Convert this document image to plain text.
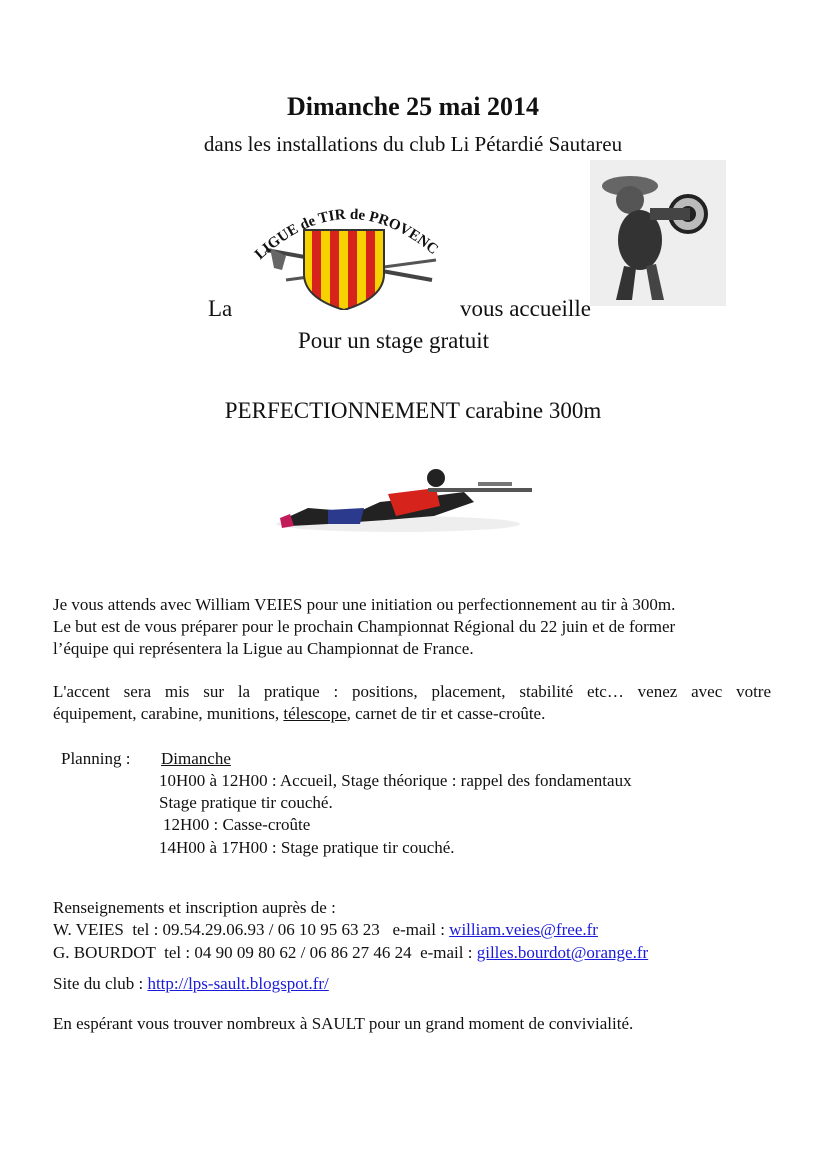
Dimanche 25 mai 2014
dans les installations du club Li Pétardié Sautareu
LIGUE de TIR de PROVENC
La	vous accueille
Pour un stage gratuit
PERFECTIONNEMENT carabine 300m
Je vous attends avec William VEIES pour une initiation ou perfectionnement au tir à 300m.
Le but est de vous préparer pour le prochain Championnat Régional du 22 juin et de former
l’équipe qui représentera la Ligue au Championnat de France.
L'accent sera mis sur la pratique : positions, placement, stabilité etc… venez avec votre
équipement, carabine, munitions, télescope, carnet de tir et casse-croûte.
Planning : Dimanche
10H00 à 12H00 : Accueil, Stage théorique : rappel des fondamentaux
Stage pratique tir couché.
12H00 : Casse-croûte
14H00 à 17H00 : Stage pratique tir couché.
Renseignements et inscription auprès de :
W. VEIES  tel : 09.54.29.06.93 / 06 10 95 63 23   e-mail : william.veies@free.fr
G. BOURDOT  tel : 04 90 09 80 62 / 06 86 27 46 24  e-mail : gilles.bourdot@orange.fr
Site du club : http://lps-sault.blogspot.fr/
En espérant vous trouver nombreux à SAULT pour un grand moment de convivialité.
